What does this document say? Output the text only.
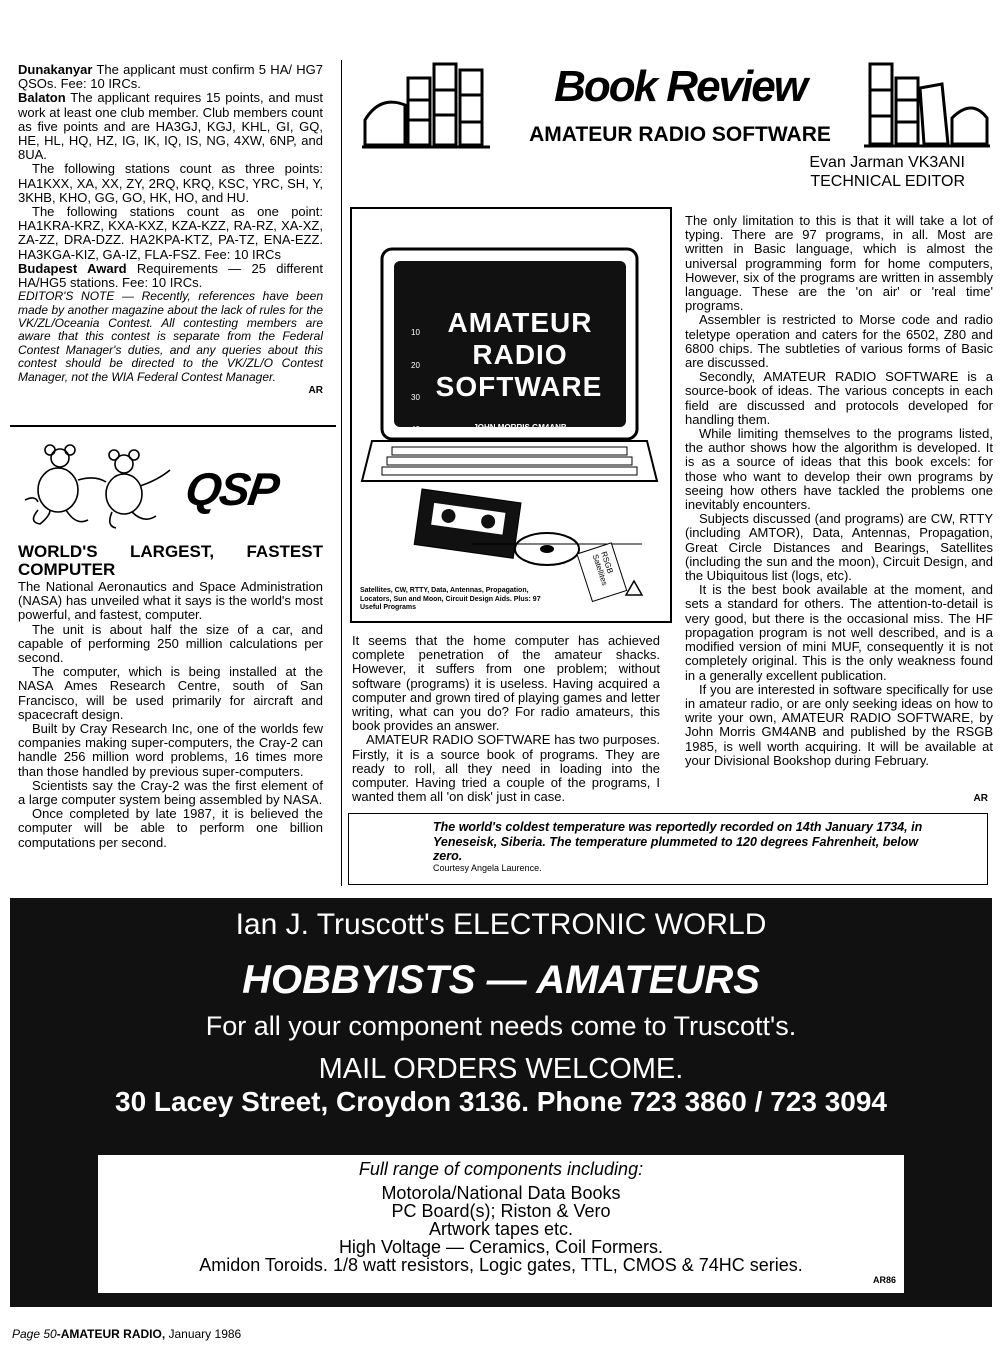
Dunakanyar The applicant must confirm 5 HA/ HG7 QSOs. Fee: 10 IRCs.

Balaton The applicant requires 15 points, and must work at least one club member. Club members count as five points and are HA3GJ, KGJ, KHL, GI, GQ, HE, HL, HQ, HZ, IG, IK, IQ, IS, NG, 4XW, 6NP, and 8UA.

The following stations count as three points: HA1KXX, XA, XX, ZY, 2RQ, KRQ, KSC, YRC, SH, Y, 3KHB, KHO, GG, GO, HK, HO, and HU.

The following stations count as one point: HA1KRA-KRZ, KXA-KXZ, KZA-KZZ, RA-RZ, XA-XZ, ZA-ZZ, DRA-DZZ. HA2KPA-KTZ, PA-TZ, ENA-EZZ. HA3KGA-KIZ, GA-IZ, FLA-FSZ. Fee: 10 IRCs

Budapest Award Requirements — 25 different HA/HG5 stations. Fee: 10 IRCs.

EDITOR'S NOTE — Recently, references have been made by another magazine about the lack of rules for the VK/ZL/Oceania Contest. All contesting members are aware that this contest is separate from the Federal Contest Manager's duties, and any queries about this contest should be directed to the VK/ZL/O Contest Manager, not the WIA Federal Contest Manager.

AR

QSP
WORLD'S LARGEST, FASTEST COMPUTER

The National Aeronautics and Space Administration (NASA) has unveiled what it says is the world's most powerful, and fastest, computer.

The unit is about half the size of a car, and capable of performing 250 million calculations per second.

The computer, which is being installed at the NASA Ames Research Centre, south of San Francisco, will be used primarily for aircraft and spacecraft design.

Built by Cray Research Inc, one of the worlds few companies making super-computers, the Cray-2 can handle 256 million word problems, 16 times more than those handled by previous super-computers.

Scientists say the Cray-2 was the first element of a large computer system being assembled by NASA.

Once completed by late 1987, it is believed the computer will be able to perform one billion computations per second.

Book Review
AMATEUR RADIO SOFTWARE
Evan Jarman VK3ANI
TECHNICAL EDITOR
10
20
30
40
AMATEUR
RADIO
SOFTWARE
JOHN MORRIS GM4ANB
RSGB Satellites
Satellites, CW, RTTY, Data, Antennas, Propagation, Locators, Sun and Moon, Circuit Design Aids. Plus: 97 Useful Programs

It seems that the home computer has achieved complete penetration of the amateur shacks. However, it suffers from one problem; without software (programs) it is useless. Having acquired a computer and grown tired of playing games and letter writing, what can you do? For radio amateurs, this book provides an answer.

AMATEUR RADIO SOFTWARE has two purposes. Firstly, it is a source book of programs. They are ready to roll, all they need in loading into the computer. Having tried a couple of the programs, I wanted them all 'on disk' just in case.

The only limitation to this is that it will take a lot of typing. There are 97 programs, in all. Most are written in Basic language, which is almost the universal programming form for home computers, However, six of the programs are written in assembly language. These are the 'on air' or 'real time' programs.

Assembler is restricted to Morse code and radio teletype operation and caters for the 6502, Z80 and 6800 chips. The subtleties of various forms of Basic are discussed.

Secondly, AMATEUR RADIO SOFTWARE is a source-book of ideas. The various concepts in each field are discussed and protocols developed for handling them.

While limiting themselves to the programs listed, the author shows how the algorithm is developed. It is as a source of ideas that this book excels: for those who want to develop their own programs by seeing how others have tackled the problems one inevitably encounters.

Subjects discussed (and programs) are CW, RTTY (including AMTOR), Data, Antennas, Propagation, Great Circle Distances and Bearings, Satellites (including the sun and the moon), Circuit Design, and the Ubiquitous list (logs, etc).

It is the best book available at the moment, and sets a standard for others. The attention-to-detail is very good, but there is the occasional miss. The HF propagation program is not well described, and is a modified version of mini MUF, consequently it is not completely original. This is the only weakness found in a generally excellent publication.

If you are interested in software specifically for use in amateur radio, or are only seeking ideas on how to write your own, AMATEUR RADIO SOFTWARE, by John Morris GM4ANB and published by the RSGB 1985, is well worth acquiring. It will be available at your Divisional Bookshop during February.

AR
The world's coldest temperature was reportedly recorded on 14th January 1734, in Yeneseisk, Siberia. The temperature plummeted to 120 degrees Fahrenheit, below zero.
Courtesy Angela Laurence.
Ian J. Truscott's ELECTRONIC WORLD
HOBBYISTS — AMATEURS
For all your component needs come to Truscott's.
MAIL ORDERS WELCOME.
30 Lacey Street, Croydon 3136. Phone 723 3860 / 723 3094
Full range of components including:
Motorola/National Data Books
PC Board(s); Riston & Vero
Artwork tapes etc.
High Voltage — Ceramics, Coil Formers.
Amidon Toroids. 1/8 watt resistors, Logic gates, TTL, CMOS & 74HC series.
AR86
Page 50-AMATEUR RADIO, January 1986
